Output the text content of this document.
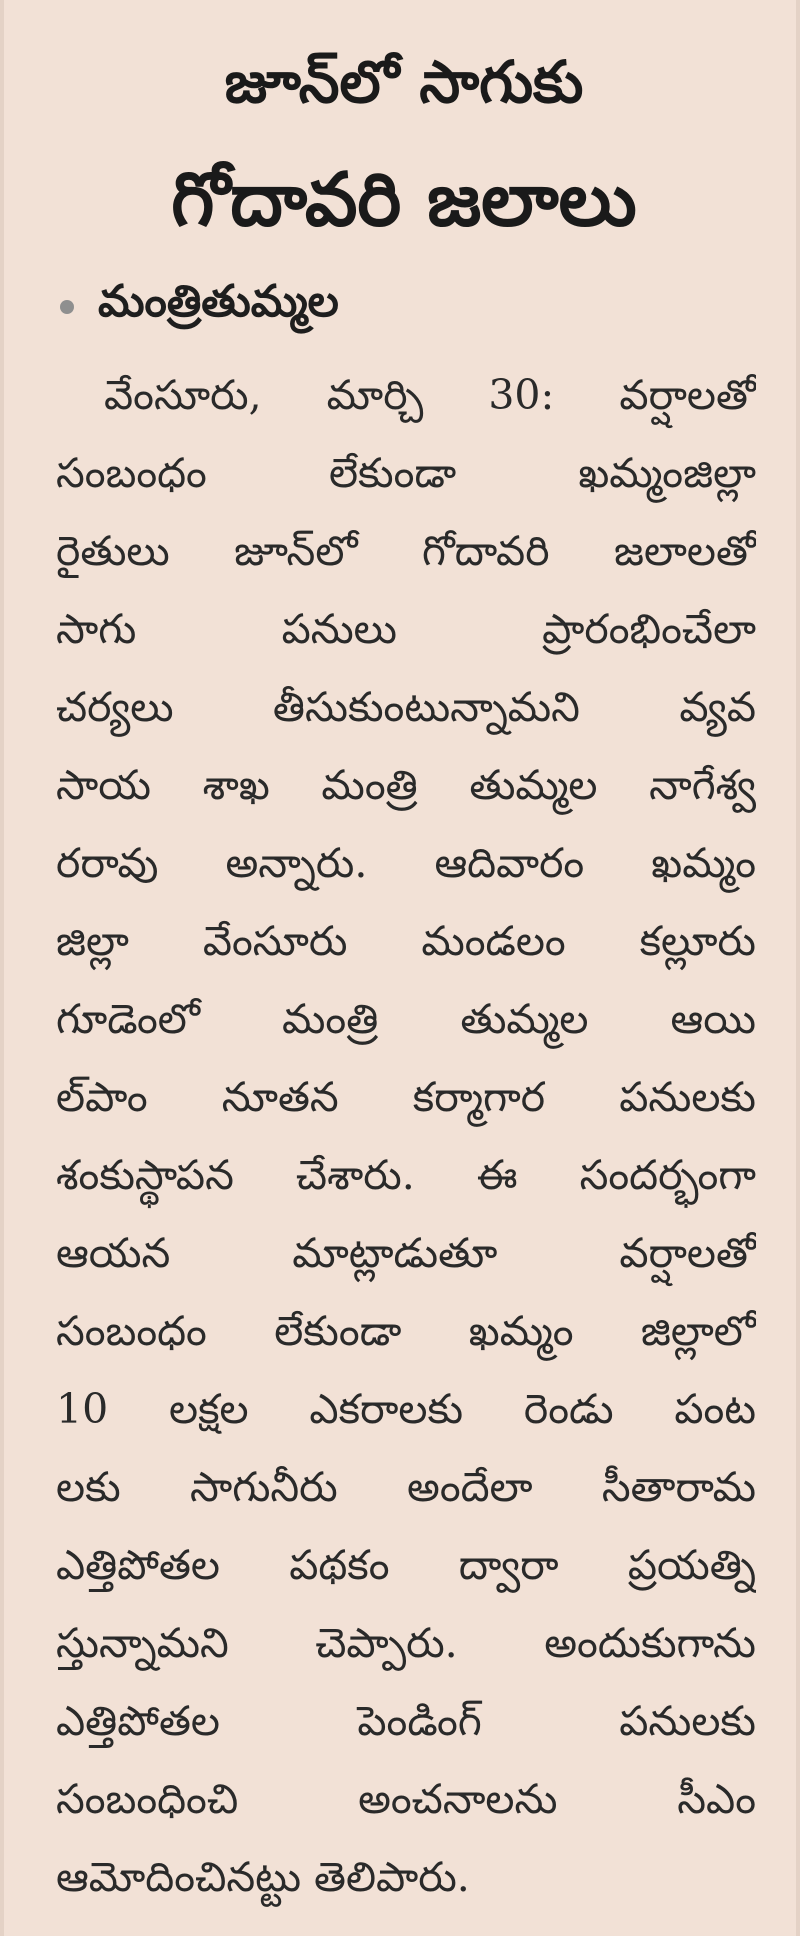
జూన్‌లో సాగుకు
గోదావరి జలాలు
మంత్రితుమ్మల
వేంసూరు, మార్చి 30: వర్షాలతో
సంబంధం లేకుండా ఖమ్మంజిల్లా
రైతులు జూన్‌లో గోదావరి జలాలతో
సాగు పనులు ప్రారంభించేలా
చర్యలు తీసుకుంటున్నామని వ్యవ
సాయ శాఖ మంత్రి తుమ్మల నాగేశ్వ
రరావు అన్నారు. ఆదివారం ఖమ్మం
జిల్లా వేంసూరు మండలం కల్లూరు
గూడెంలో మంత్రి తుమ్మల ఆయి
ల్‌పాం నూతన కర్మాగార పనులకు
శంకుస్థాపన చేశారు. ఈ సందర్భంగా
ఆయన మాట్లాడుతూ వర్షాలతో
సంబంధం లేకుండా ఖమ్మం జిల్లాలో
10 లక్షల ఎకరాలకు రెండు పంట
లకు సాగునీరు అందేలా సీతారామ
ఎత్తిపోతల పథకం ద్వారా ప్రయత్ని
స్తున్నామని చెప్పారు. అందుకుగాను
ఎత్తిపోతల పెండింగ్ పనులకు
సంబంధించి అంచనాలను సీఎం
ఆమోదించినట్టు తెలిపారు.
